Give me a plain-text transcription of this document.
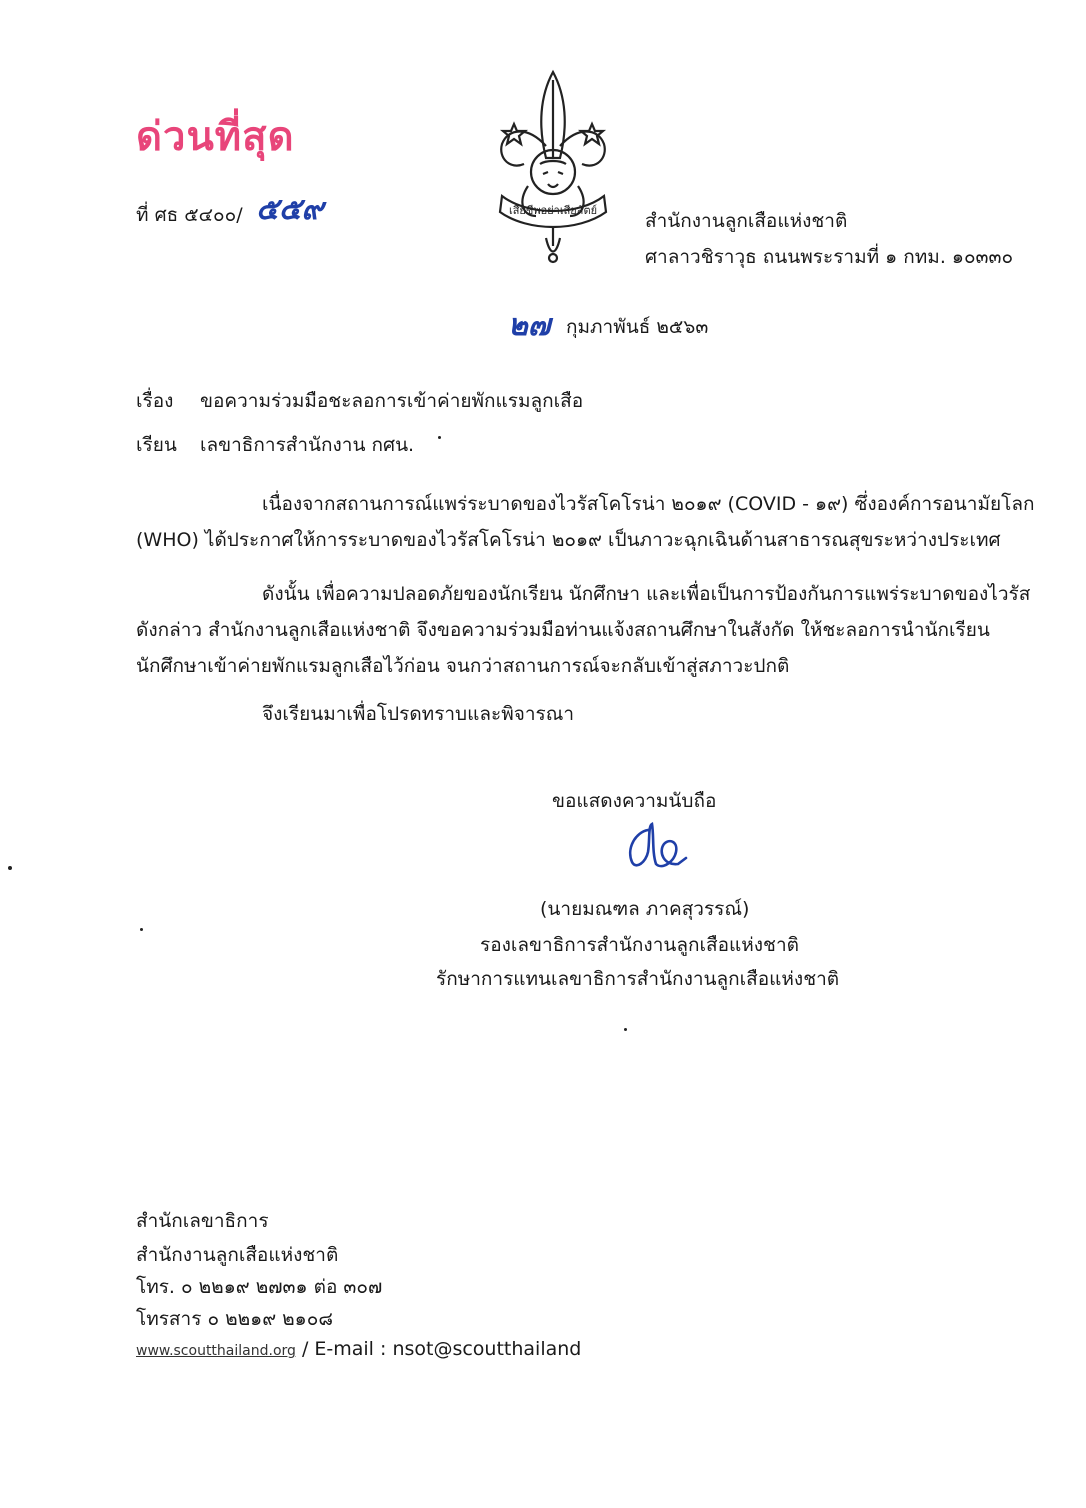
ด่วนที่สุด
ที่ ศธ ๕๔๐๐/ ๕๕๙	เสียชีพอย่าเสียสัตย์	สำนักงานลูกเสือแห่งชาติ
ศาลาวชิราวุธ ถนนพระรามที่ ๑ กทม. ๑๐๓๓๐
๒๗ กุมภาพันธ์ ๒๕๖๓
เรื่อง ขอความร่วมมือชะลอการเข้าค่ายพักแรมลูกเสือ
เรียน เลขาธิการสำนักงาน กศน.
เนื่องจากสถานการณ์แพร่ระบาดของไวรัสโคโรน่า ๒๐๑๙ (COVID - ๑๙) ซึ่งองค์การอนามัยโลก
(WHO) ได้ประกาศให้การระบาดของไวรัสโคโรน่า ๒๐๑๙ เป็นภาวะฉุกเฉินด้านสาธารณสุขระหว่างประเทศ
ดังนั้น เพื่อความปลอดภัยของนักเรียน นักศึกษา และเพื่อเป็นการป้องกันการแพร่ระบาดของไวรัส
ดังกล่าว สำนักงานลูกเสือแห่งชาติ จึงขอความร่วมมือท่านแจ้งสถานศึกษาในสังกัด ให้ชะลอการนำนักเรียน
นักศึกษาเข้าค่ายพักแรมลูกเสือไว้ก่อน จนกว่าสถานการณ์จะกลับเข้าสู่สภาวะปกติ
จึงเรียนมาเพื่อโปรดทราบและพิจารณา
ขอแสดงความนับถือ
(นายมณฑล ภาคสุวรรณ์)
รองเลขาธิการสำนักงานลูกเสือแห่งชาติ
รักษาการแทนเลขาธิการสำนักงานลูกเสือแห่งชาติ
สำนักเลขาธิการ
สำนักงานลูกเสือแห่งชาติ
โทร. ๐ ๒๒๑๙ ๒๗๓๑ ต่อ ๓๐๗
โทรสาร ๐ ๒๒๑๙ ๒๑๐๘
www.scoutthailand.org / E-mail : nsot@scoutthailand
